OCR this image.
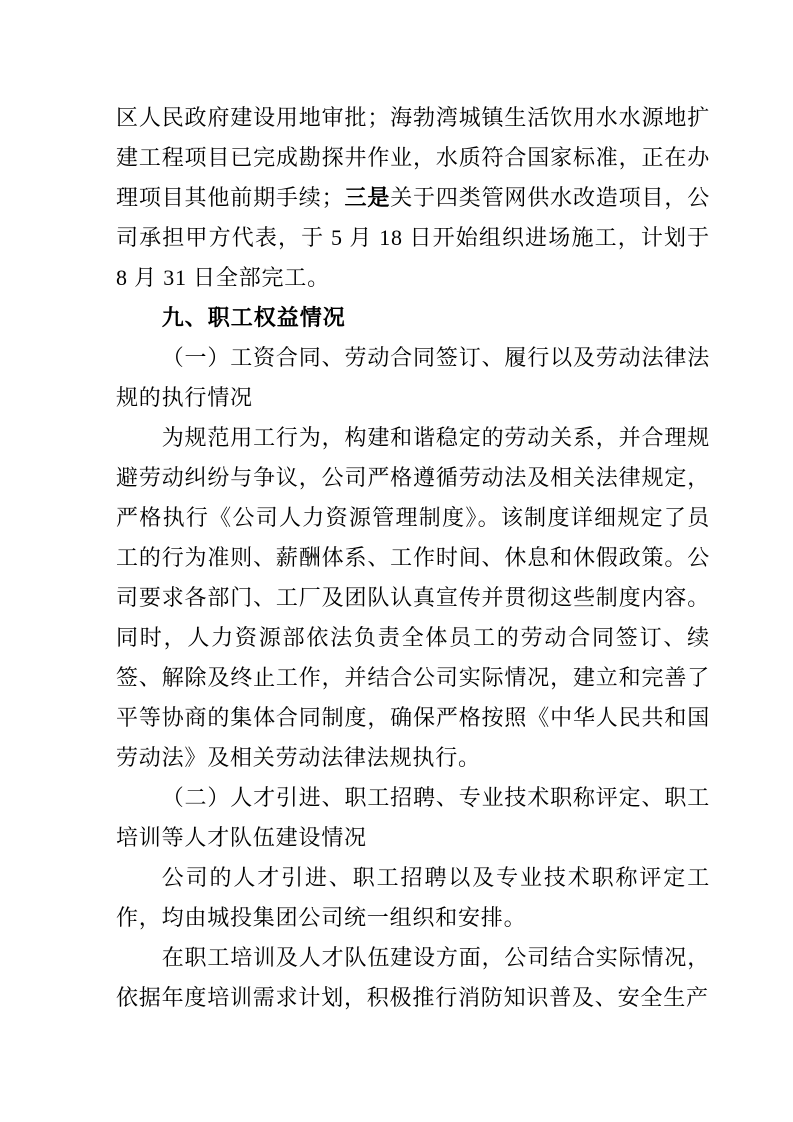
区人民政府建设用地审批；海勃湾城镇生活饮用水水源地扩建工程项目已完成勘探井作业，水质符合国家标准，正在办理项目其他前期手续；三是关于四类管网供水改造项目，公司承担甲方代表，于 5 月 18 日开始组织进场施工，计划于 8 月 31 日全部完工。

九、职工权益情况

（一）工资合同、劳动合同签订、履行以及劳动法律法规的执行情况

为规范用工行为，构建和谐稳定的劳动关系，并合理规避劳动纠纷与争议，公司严格遵循劳动法及相关法律规定，严格执行《公司人力资源管理制度》。该制度详细规定了员工的行为准则、薪酬体系、工作时间、休息和休假政策。公司要求各部门、工厂及团队认真宣传并贯彻这些制度内容。同时，人力资源部依法负责全体员工的劳动合同签订、续签、解除及终止工作，并结合公司实际情况，建立和完善了平等协商的集体合同制度，确保严格按照《中华人民共和国劳动法》及相关劳动法律法规执行。

（二）人才引进、职工招聘、专业技术职称评定、职工培训等人才队伍建设情况

公司的人才引进、职工招聘以及专业技术职称评定工作，均由城投集团公司统一组织和安排。

在职工培训及人才队伍建设方面，公司结合实际情况，依据年度培训需求计划，积极推行消防知识普及、安全生产
